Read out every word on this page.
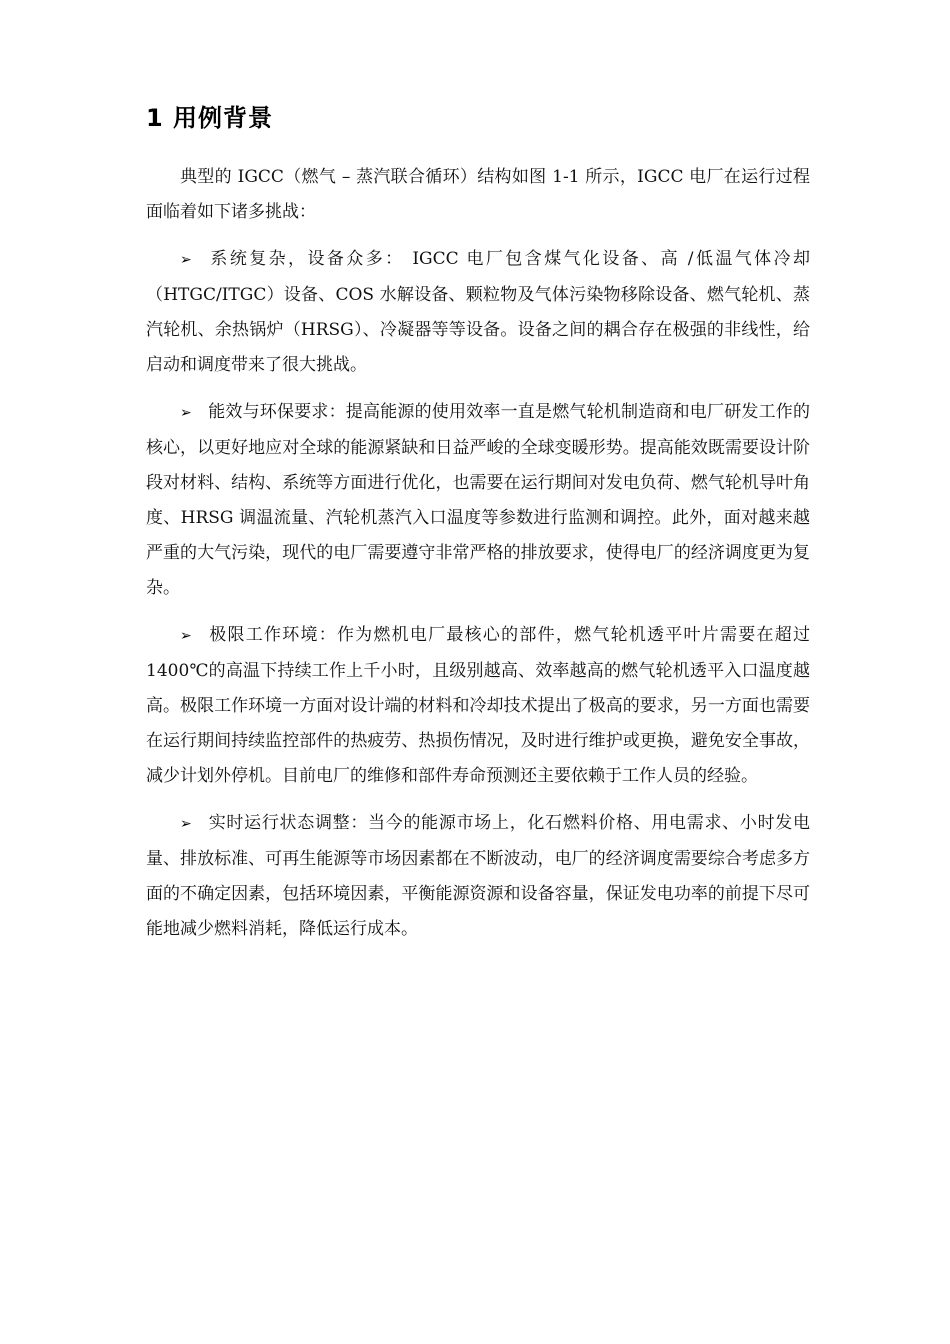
1 用例背景

典型的 IGCC（燃气 – 蒸汽联合循环）结构如图 1-1 所示，IGCC 电厂在运行过程面临着如下诸多挑战：

➢ 系统复杂，设备众多： IGCC 电厂包含煤气化设备、高 /低温气体冷却（HTGC/ITGC）设备、COS 水解设备、颗粒物及气体污染物移除设备、燃气轮机、蒸汽轮机、余热锅炉（HRSG）、冷凝器等等设备。设备之间的耦合存在极强的非线性，给启动和调度带来了很大挑战。

➢ 能效与环保要求：提高能源的使用效率一直是燃气轮机制造商和电厂研发工作的核心，以更好地应对全球的能源紧缺和日益严峻的全球变暖形势。提高能效既需要设计阶段对材料、结构、系统等方面进行优化，也需要在运行期间对发电负荷、燃气轮机导叶角度、HRSG 调温流量、汽轮机蒸汽入口温度等参数进行监测和调控。此外，面对越来越严重的大气污染，现代的电厂需要遵守非常严格的排放要求，使得电厂的经济调度更为复杂。

➢ 极限工作环境：作为燃机电厂最核心的部件，燃气轮机透平叶片需要在超过 1400℃的高温下持续工作上千小时，且级别越高、效率越高的燃气轮机透平入口温度越高。极限工作环境一方面对设计端的材料和冷却技术提出了极高的要求，另一方面也需要在运行期间持续监控部件的热疲劳、热损伤情况，及时进行维护或更换，避免安全事故，减少计划外停机。目前电厂的维修和部件寿命预测还主要依赖于工作人员的经验。

➢ 实时运行状态调整：当今的能源市场上，化石燃料价格、用电需求、小时发电量、排放标准、可再生能源等市场因素都在不断波动，电厂的经济调度需要综合考虑多方面的不确定因素，包括环境因素，平衡能源资源和设备容量，保证发电功率的前提下尽可能地减少燃料消耗，降低运行成本。
